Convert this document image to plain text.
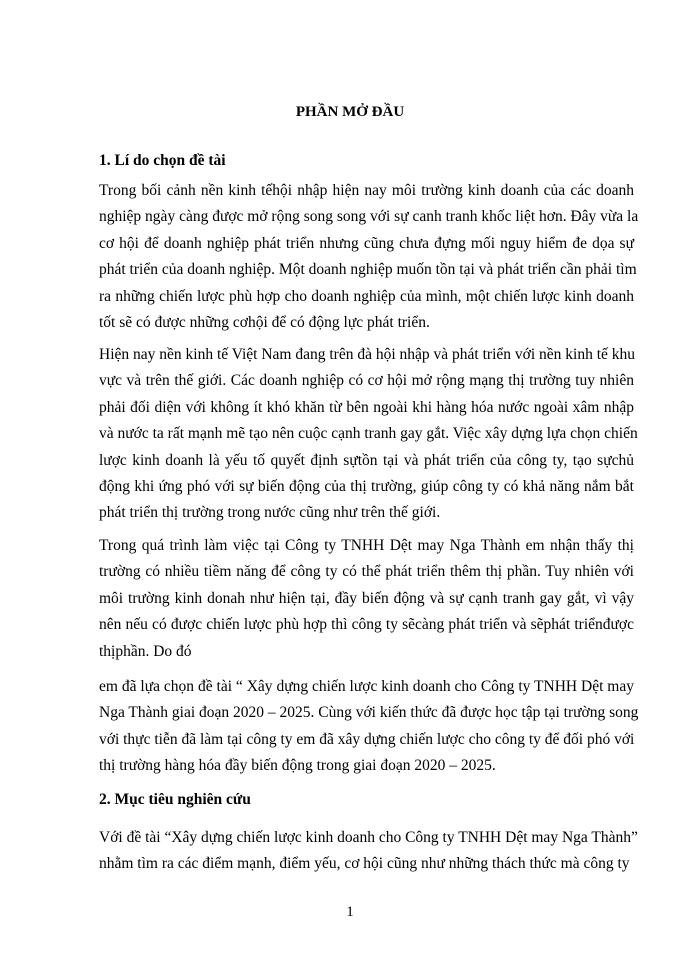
PHẦN MỞ ĐẦU
1. Lí do chọn đề tài
Trong bối cảnh nền kinh tếhội nhập hiện nay môi trường kinh doanh của các doanh
nghiệp ngày càng được mở rộng song song với sự canh tranh khốc liệt hơn. Đây vừa la
cơ hội để doanh nghiệp phát triển nhưng cũng chưa đựng mối nguy hiểm đe dọa sự
phát triển của doanh nghiệp. Một doanh nghiệp muốn tồn tại và phát triển cần phải tìm
ra những chiến lược phù hợp cho doanh nghiệp của mình, một chiến lược kinh doanh
tốt sẽ có được những cơhội để có động lực phát triển.
Hiện nay nền kinh tế Việt Nam đang trên đà hội nhập và phát triển với nền kinh tế khu
vực và trên thế giới. Các doanh nghiệp có cơ hội mở rộng mạng thị trường tuy nhiên
phải đối diện với không ít khó khăn từ bên ngoài khi hàng hóa nước ngoài xâm nhập
và nước ta rất mạnh mẽ tạo nên cuộc cạnh tranh gay gắt. Việc xây dựng lựa chọn chiến
lược kinh doanh là yếu tố quyết định sựtồn tại và phát triển của công ty, tạo sựchủ
động khi ứng phó với sự biến động của thị trường, giúp công ty có khả năng nắm bắt
phát triển thị trường trong nước cũng như trên thế giới.
Trong quá trình làm việc tại Công ty TNHH Dệt may Nga Thành em nhận thấy thị
trường có nhiều tiềm năng để công ty có thể phát triển thêm thị phần. Tuy nhiên với
môi trường kinh donah như hiện tại, đầy biến động và sự cạnh tranh gay gắt, vì vậy
nên nếu có được chiến lược phù hợp thì công ty sẽcàng phát triển và sẽphát triểnđược
thịphần. Do đó
em đã lựa chọn đề tài “ Xây dựng chiến lược kinh doanh cho Công ty TNHH Dệt may
Nga Thành giai đoạn 2020 – 2025. Cùng với kiến thức đã được học tập tại trường song
với thực tiễn đã làm tại công ty em đã xây dựng chiến lược cho công ty để đối phó với
thị trường hàng hóa đầy biến động trong giai đoạn 2020 – 2025.
2. Mục tiêu nghiên cứu
Với đề tài “Xây dựng chiến lược kinh doanh cho Công ty TNHH Dệt may Nga Thành”
nhằm tìm ra các điểm mạnh, điểm yếu, cơ hội cũng như những thách thức mà công ty
1
